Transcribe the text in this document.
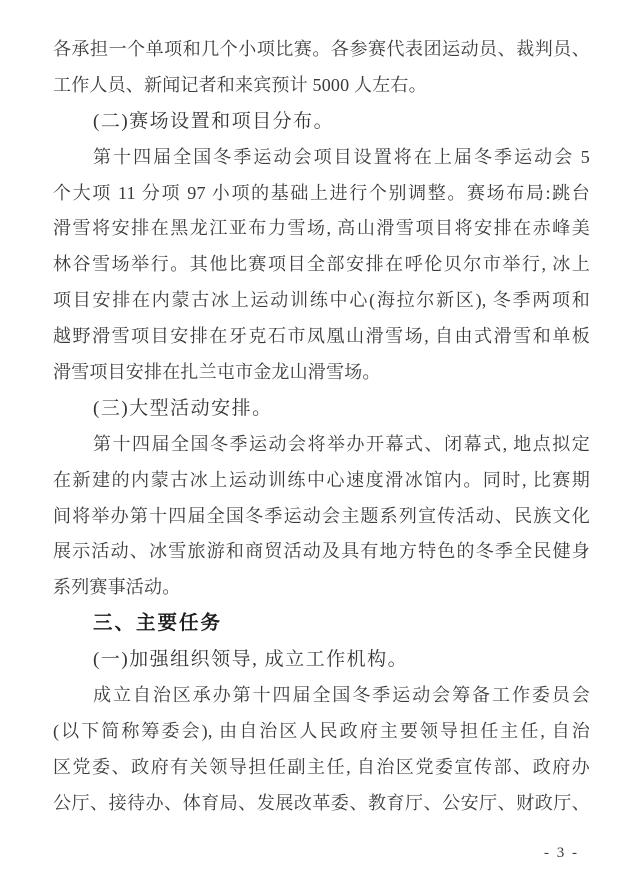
各承担一个单项和几个小项比赛。各参赛代表团运动员、裁判员、
工作人员、新闻记者和来宾预计 5000 人左右。
(二)赛场设置和项目分布。
第十四届全国冬季运动会项目设置将在上届冬季运动会 5
个大项 11 分项 97 小项的基础上进行个别调整。赛场布局:跳台
滑雪将安排在黑龙江亚布力雪场, 高山滑雪项目将安排在赤峰美
林谷雪场举行。其他比赛项目全部安排在呼伦贝尔市举行, 冰上
项目安排在内蒙古冰上运动训练中心(海拉尔新区), 冬季两项和
越野滑雪项目安排在牙克石市凤凰山滑雪场, 自由式滑雪和单板
滑雪项目安排在扎兰屯市金龙山滑雪场。
(三)大型活动安排。
第十四届全国冬季运动会将举办开幕式、闭幕式, 地点拟定
在新建的内蒙古冰上运动训练中心速度滑冰馆内。同时, 比赛期
间将举办第十四届全国冬季运动会主题系列宣传活动、民族文化
展示活动、冰雪旅游和商贸活动及具有地方特色的冬季全民健身
系列赛事活动。
三、主要任务
(一)加强组织领导, 成立工作机构。
成立自治区承办第十四届全国冬季运动会筹备工作委员会
(以下简称筹委会), 由自治区人民政府主要领导担任主任, 自治
区党委、政府有关领导担任副主任, 自治区党委宣传部、政府办
公厅、接待办、体育局、发展改革委、教育厅、公安厅、财政厅、
- 3 -
